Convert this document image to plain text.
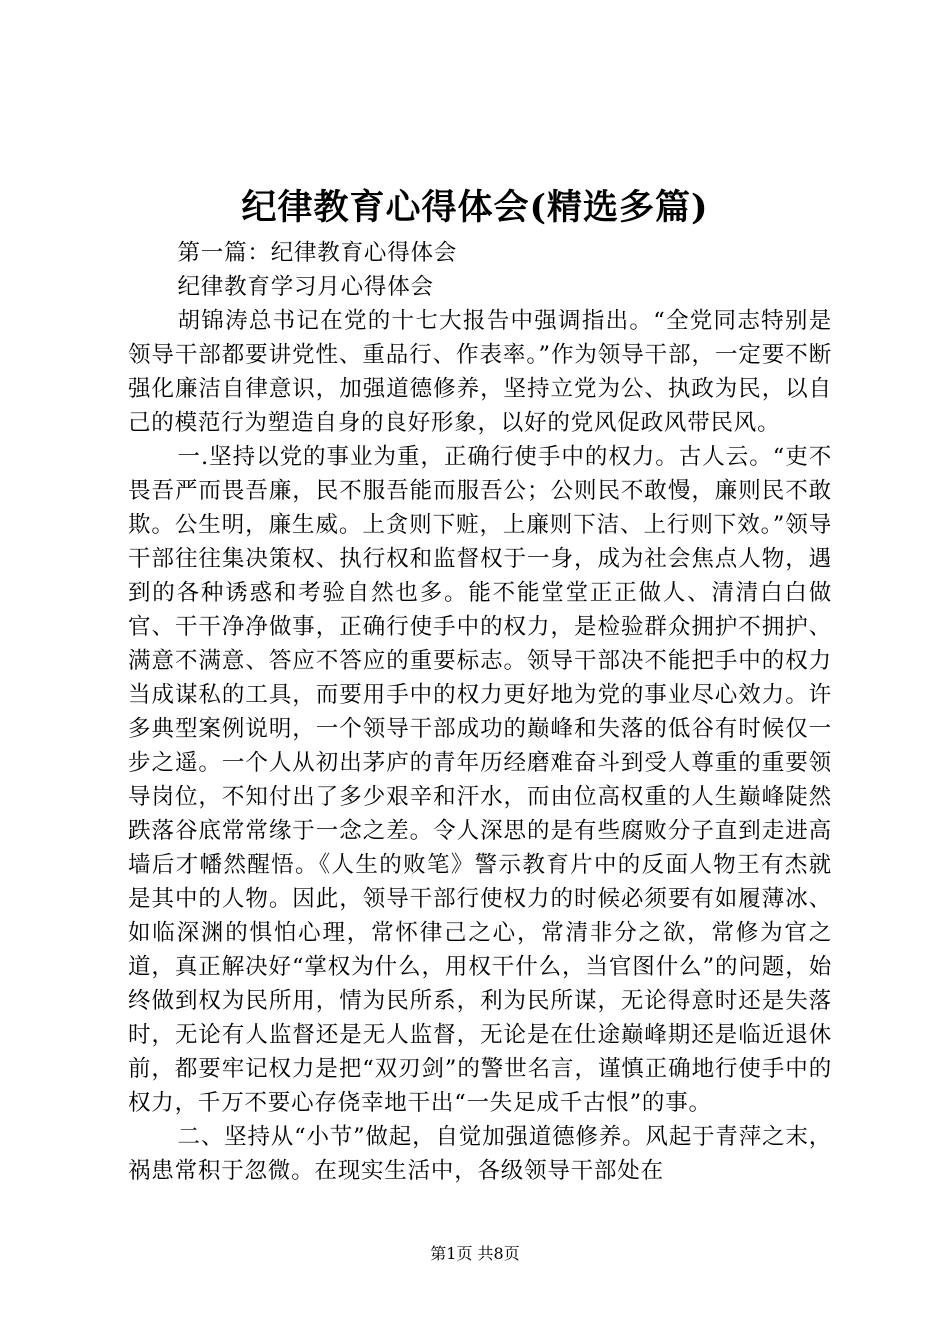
纪律教育心得体会(精选多篇)

第一篇：纪律教育心得体会

纪律教育学习月心得体会

胡锦涛总书记在党的十七大报告中强调指出。“全党同志特别是领导干部都要讲党性、重品行、作表率。”作为领导干部，一定要不断强化廉洁自律意识，加强道德修养，坚持立党为公、执政为民，以自己的模范行为塑造自身的良好形象，以好的党风促政风带民风。

一.坚持以党的事业为重，正确行使手中的权力。古人云。“吏不畏吾严而畏吾廉，民不服吾能而服吾公；公则民不敢慢，廉则民不敢欺。公生明，廉生威。上贪则下赃，上廉则下洁、上行则下效。”领导干部往往集决策权、执行权和监督权于一身，成为社会焦点人物，遇到的各种诱惑和考验自然也多。能不能堂堂正正做人、清清白白做官、干干净净做事，正确行使手中的权力，是检验群众拥护不拥护、满意不满意、答应不答应的重要标志。领导干部决不能把手中的权力当成谋私的工具，而要用手中的权力更好地为党的事业尽心效力。许多典型案例说明，一个领导干部成功的巅峰和失落的低谷有时候仅一步之遥。一个人从初出茅庐的青年历经磨难奋斗到受人尊重的重要领导岗位，不知付出了多少艰辛和汗水，而由位高权重的人生巅峰陡然跌落谷底常常缘于一念之差。令人深思的是有些腐败分子直到走进高墙后才幡然醒悟。《人生的败笔》警示教育片中的反面人物王有杰就是其中的人物。因此，领导干部行使权力的时候必须要有如履薄冰、如临深渊的惧怕心理，常怀律己之心，常清非分之欲，常修为官之道，真正解决好“掌权为什么，用权干什么，当官图什么”的问题，始终做到权为民所用，情为民所系，利为民所谋，无论得意时还是失落时，无论有人监督还是无人监督，无论是在仕途巅峰期还是临近退休前，都要牢记权力是把“双刃剑”的警世名言，谨慎正确地行使手中的权力，千万不要心存侥幸地干出“一失足成千古恨”的事。

二、坚持从“小节”做起，自觉加强道德修养。风起于青萍之末，祸患常积于忽微。在现实生活中，各级领导干部处在

第1页 共8页
